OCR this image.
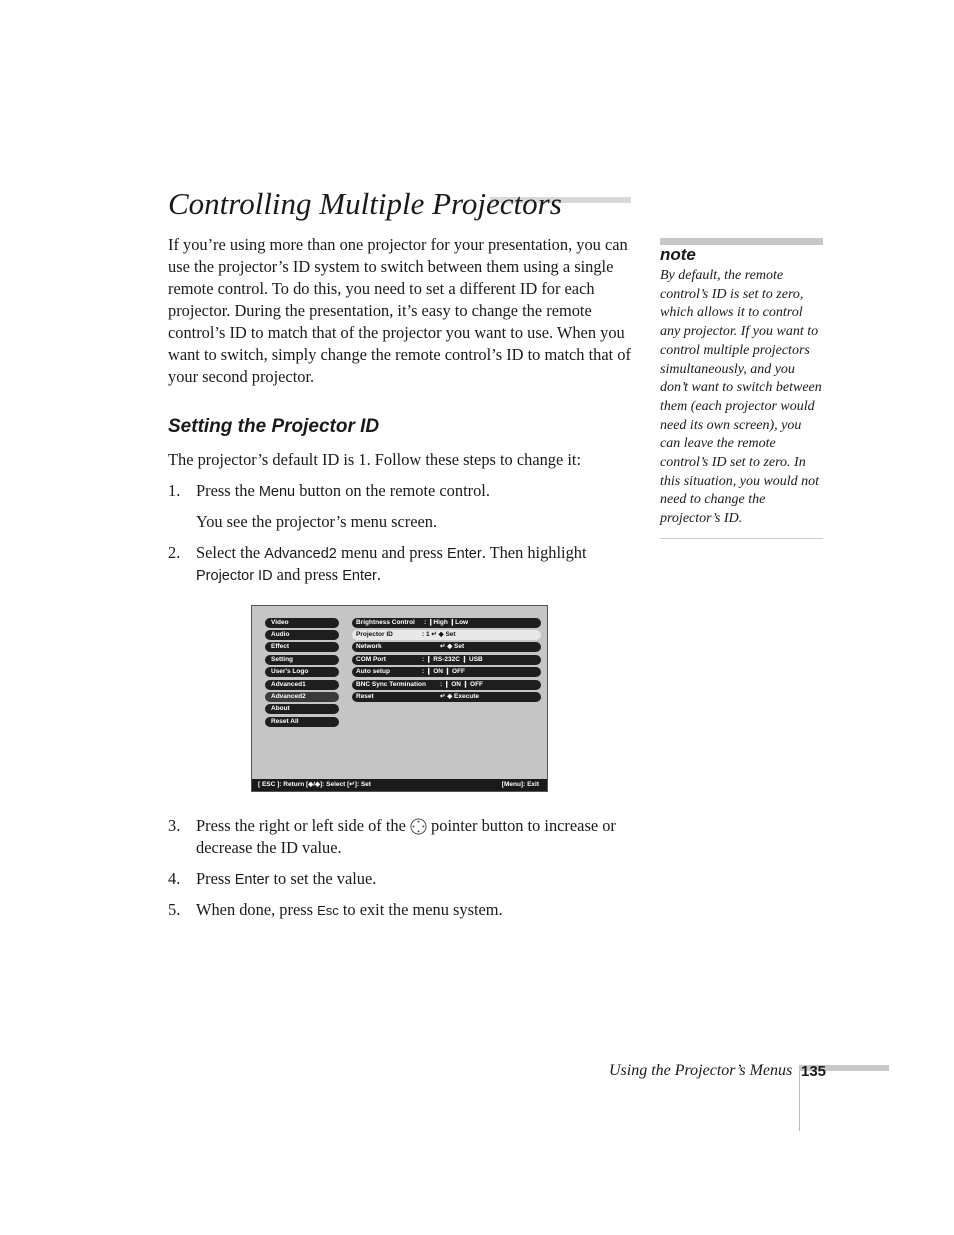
Controlling Multiple Projectors
If you’re using more than one projector for your presentation, you can use the projector’s ID system to switch between them using a single remote control. To do this, you need to set a different ID for each projector. During the presentation, it’s easy to change the remote control’s ID to match that of the projector you want to use. When you want to switch, simply change the remote control’s ID to match that of your second projector.
Setting the Projector ID
The projector’s default ID is 1. Follow these steps to change it:
1. Press the Menu button on the remote control.
You see the projector’s menu screen.
2. Select the Advanced2 menu and press Enter. Then highlight
Projector ID and press Enter.
Video
Audio
Effect
Setting
User's Logo
Advanced1
Advanced2
About
Reset All
Brightness Control : ❙High ❙Low
Projector ID	: 1 ↵ ◆ Set
Network	↵ ◆ Set
COM Port	: ❙ RS-232C ❙ USB
Auto setup	: ❙ ON ❙ OFF
BNC Sync Termination : ❙ ON ❙ OFF
Reset	↵ ◆ Execute
[ ESC ]: Return [◆/◆]: Select [↵]: Set	[Menu]: Exit
3. Press the right or left side of the  pointer button to increase or
decrease the ID value.
4. Press Enter to set the value.
5. When done, press Esc to exit the menu system.
note
By default, the remote control’s ID is set to zero, which allows it to control any projector. If you want to control multiple projectors simultaneously, and you don’t want to switch between them (each projector would need its own screen), you can leave the remote control’s ID set to zero. In this situation, you would not need to change the projector’s ID.
Using the Projector’s Menus 135
